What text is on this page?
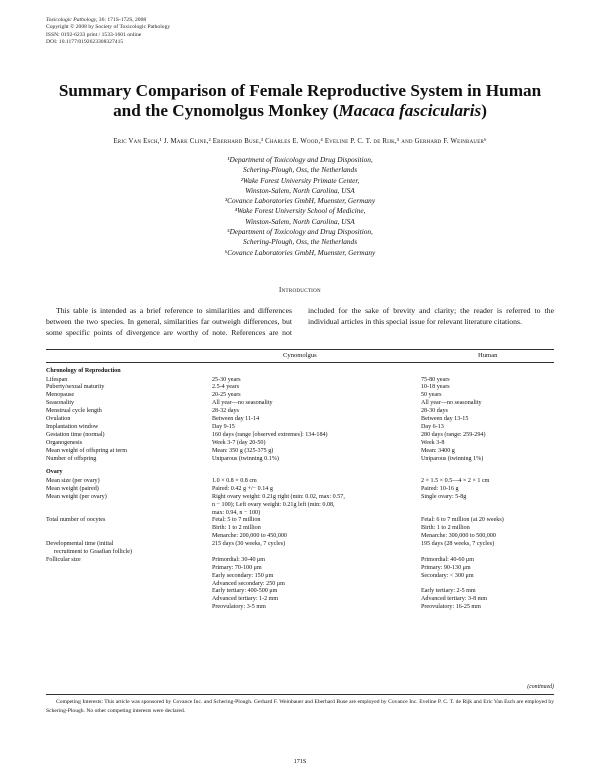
Toxicologic Pathology, 36: 171S-172S, 2008
Copyright © 2008 by Society of Toxicologic Pathology
ISSN: 0192-6233 print / 1533-1601 online
DOI: 10.1177/0192623308327415
Summary Comparison of Female Reproductive System in Human
and the Cynomolgus Monkey (Macaca fascicularis)
Eric Van Esch,¹ J. Mark Cline,² Eberhard Buse,³ Charles E. Wood,⁴ Eveline P. C. T. de Rijk,⁵ and Gerhard F. Weinbauer⁶
¹Department of Toxicology and Drug Disposition,
Schering-Plough, Oss, the Netherlands
²Wake Forest University Primate Center,
Winston-Salem, North Carolina, USA
³Covance Laboratories GmbH, Muenster, Germany
⁴Wake Forest University School of Medicine,
Winston-Salem, North Carolina, USA
⁵Department of Toxicology and Drug Disposition,
Schering-Plough, Oss, the Netherlands
⁶Covance Laboratories GmbH, Muenster, Germany
Introduction
This table is intended as a brief reference to similarities and differences between the two species. In general, similarities far outweigh differences, but some specific points of divergence are worthy of note. References are not included for the sake of brevity and clarity; the reader is referred to the individual articles in this special issue for relevant literature citations.
Cynomolgus	Human
Chronology of Reproduction
Lifespan	25-30 years	75-80 years
Puberty/sexual maturity	2.5-4 years	10-18 years
Menopause	20-25 years	50 years
Seasonality	All year—no seasonality	All year—no seasonality
Menstrual cycle length	28-32 days	28-30 days
Ovulation	Between day 11-14	Between day 13-15
Implantation window	Day 9-15	Day 6-13
Gestation time (normal)	160 days (range [observed extremes]: 134-184)	280 days (range: 259-294)
Organogenesis	Week 3-7 (day 20-50)	Week 3-8
Mean weight of offspring at term	Mean: 350 g (325-375 g)	Mean: 3400 g
Number of offspring	Uniparous (twinning 0.1%)	Uniparous (twinning 1%)
Ovary
Mean size (per ovary)	1.0 × 0.8 × 0.8 cm	2 × 1.5 × 0.5—4 × 2 × 1 cm
Mean weight (paired)	Paired: 0.42 g +/− 0.14 g	Paired: 10-16 g
Mean weight (per ovary)	Right ovary weight: 0.21g right (min: 0.02, max: 0.57,	Single ovary: 5-8g
n − 100); Left ovary weight: 0.21g left (min: 0.08,
max: 0.94, n − 100)
Total number of oocytes	Fetal: 5 to 7 million	Fetal: 6 to 7 million (at 20 weeks)
Birth: 1 to 2 million	Birth: 1 to 2 million
Menarche: 200,000 to 450,000	Menarche: 300,000 to 500,000
Developmental time (initial	215 days (30 weeks, 7 cycles)	195 days (28 weeks, 7 cycles)
recruitment to Graafian follicle)
Follicular size	Primordial: 30-40 μm	Primordial: 40-60 μm
Primary: 70-100 μm	Primary: 90-130 μm
Early secondary: 150 μm	Secondary: < 300 μm
Advanced secondary: 250 μm
Early tertiary: 400-500 μm	Early tertiary: 2-5 mm
Advanced tertiary: 1-2 mm	Advanced tertiary: 3-8 mm
Preovulatory: 3-5 mm	Preovulatory: 16-25 mm
(continued)
Competing Interests: This article was sponsored by Covance Inc. and Schering-Plough. Gerhard F. Weinbauer and Eberhard Buse are employed by Covance Inc. Eveline P. C. T. de Rijk and Eric Van Esch are employed by Schering-Plough. No other competing interests were declared.
171S
